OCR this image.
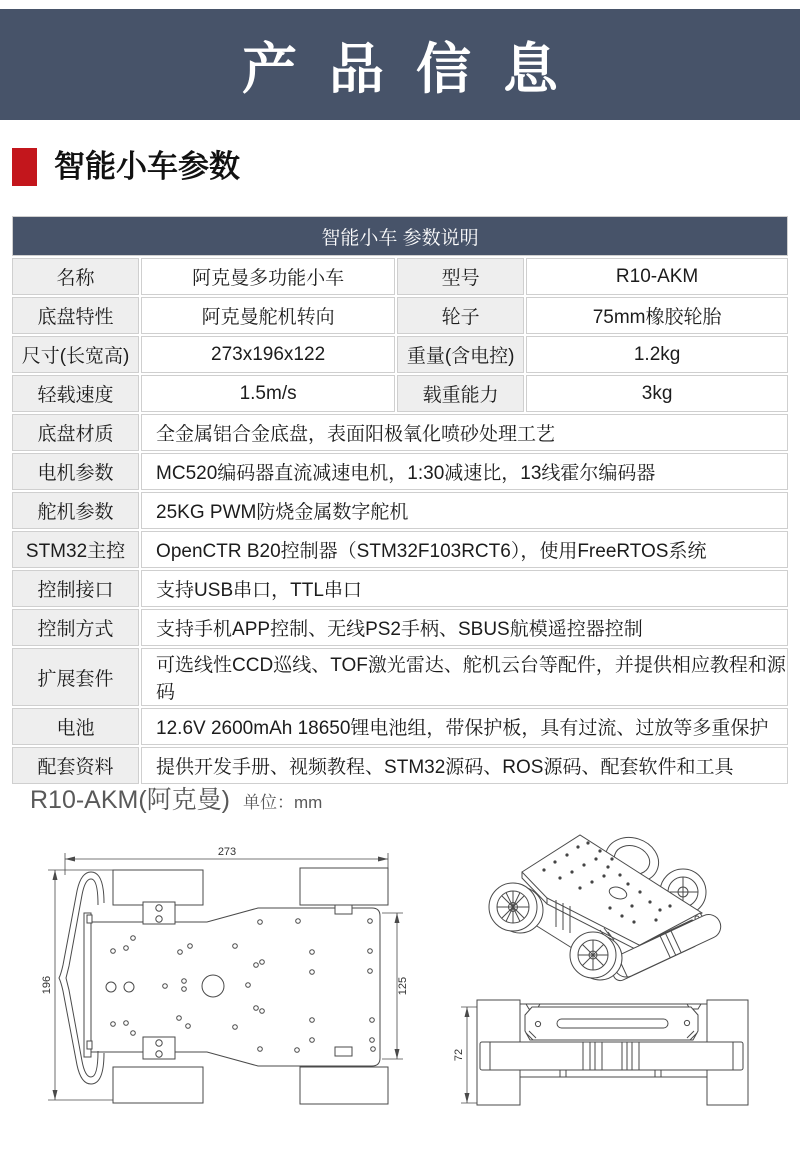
产品信息
智能小车参数
智能小车 参数说明			
名称	阿克曼多功能小车	型号	R10-AKM
底盘特性	阿克曼舵机转向	轮子	75mm橡胶轮胎
尺寸(长宽高)	273x196x122	重量(含电控)	1.2kg
轻载速度	1.5m/s	载重能力	3kg
底盘材质	全金属铝合金底盘，表面阳极氧化喷砂处理工艺		
电机参数	MC520编码器直流减速电机，1:30减速比，13线霍尔编码器		
舵机参数	25KG PWM防烧金属数字舵机		
STM32主控	OpenCTR B20控制器（STM32F103RCT6），使用FreeRTOS系统		
控制接口	支持USB串口，TTL串口		
控制方式	支持手机APP控制、无线PS2手柄、SBUS航模遥控器控制		
扩展套件	可选线性CCD巡线、TOF激光雷达、舵机云台等配件，并提供相应教程和源码		
电池	12.6V 2600mAh 18650锂电池组，带保护板，具有过流、过放等多重保护		
配套资料	提供开发手册、视频教程、STM32源码、ROS源码、配套软件和工具		
R10-AKM(阿克曼) 单位：mm
273
196	125
72
